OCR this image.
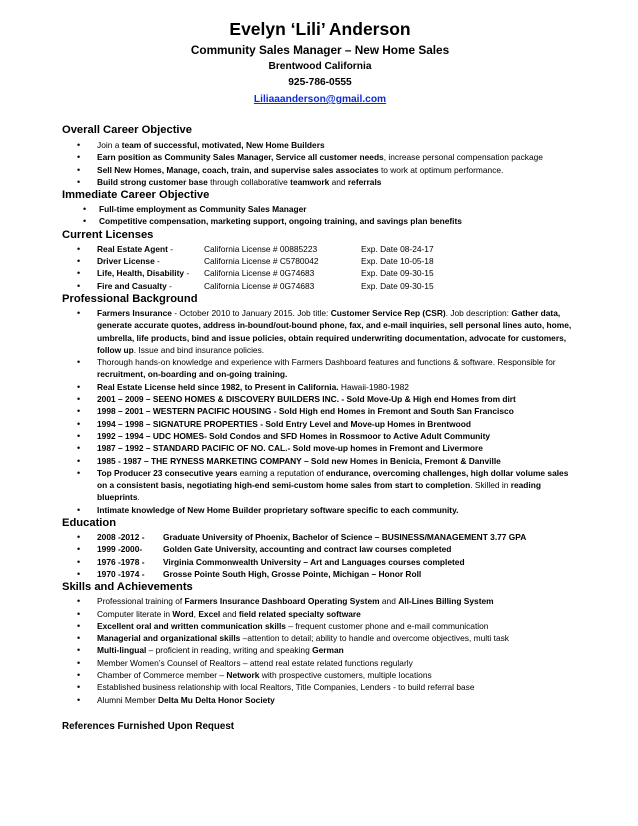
Evelyn ‘Lili’ Anderson
Community Sales Manager – New Home Sales
Brentwood California
925-786-0555
Liliaaanderson@gmail.com
Overall Career Objective
• Join a team of successful, motivated, New Home Builders
• Earn position as Community Sales Manager, Service all customer needs, increase personal compensation package
• Sell New Homes, Manage, coach, train, and supervise sales associates to work at optimum performance.
• Build strong customer base through collaborative teamwork and referrals
Immediate Career Objective
• Full-time employment as Community Sales Manager
• Competitive compensation, marketing support, ongoing training, and savings plan benefits
Current Licenses
• Real Estate Agent -	California License # 00885223	Exp. Date 08-24-17
• Driver License -	California License # C5780042	Exp. Date 10-05-18
• Life, Health, Disability -	California License # 0G74683	Exp. Date 09-30-15
• Fire and Casualty -	California License # 0G74683	Exp. Date 09-30-15
Professional Background
• Farmers Insurance - October 2010 to January 2015. Job title: Customer Service Rep (CSR). Job description: Gather data, generate accurate quotes, address in-bound/out-bound phone, fax, and e-mail inquiries, sell personal lines auto, home, umbrella, life products, bind and issue policies, obtain required underwriting documentation, advocate for customers, follow up. Issue and bind insurance policies.
• Thorough hands-on knowledge and experience with Farmers Dashboard features and functions & software. Responsible for recruitment, on-boarding and on-going training.
• Real Estate License held since 1982, to Present in California. Hawaii-1980-1982
• 2001 – 2009 – SEENO HOMES & DISCOVERY BUILDERS INC. - Sold Move-Up & High end Homes from dirt
• 1998 – 2001 – WESTERN PACIFIC HOUSING - Sold High end Homes in Fremont and South San Francisco
• 1994 – 1998 – SIGNATURE PROPERTIES - Sold Entry Level and Move-up Homes in Brentwood
• 1992 – 1994 – UDC HOMES- Sold Condos and SFD Homes in Rossmoor to Active Adult Community
• 1987 – 1992 – STANDARD PACIFIC OF NO. CAL.- Sold move-up homes in Fremont and Livermore
• 1985 - 1987 – THE RYNESS MARKETING COMPANY – Sold new Homes in Benicia, Fremont & Danville
• Top Producer 23 consecutive years earning a reputation of endurance, overcoming challenges, high dollar volume sales on a consistent basis, negotiating high-end semi-custom home sales from start to completion. Skilled in reading blueprints.
• Intimate knowledge of New Home Builder proprietary software specific to each community.
Education
• 2008 -2012 - Graduate University of Phoenix, Bachelor of Science – BUSINESS/MANAGEMENT 3.77 GPA
• 1999 -2000- Golden Gate University, accounting and contract law courses completed
• 1976 -1978 - Virginia Commonwealth University – Art and Languages courses completed
• 1970 -1974 - Grosse Pointe South High, Grosse Pointe, Michigan – Honor Roll
Skills and Achievements
• Professional training of Farmers Insurance Dashboard Operating System and All-Lines Billing System
• Computer literate in Word, Excel and field related specialty software
• Excellent oral and written communication skills – frequent customer phone and e-mail communication
• Managerial and organizational skills –attention to detail; ability to handle and overcome objectives, multi task
• Multi-lingual – proficient in reading, writing and speaking German
• Member Women’s Counsel of Realtors – attend real estate related functions regularly
• Chamber of Commerce member – Network with prospective customers, multiple locations
• Established business relationship with local Realtors, Title Companies, Lenders - to build referral base
• Alumni Member Delta Mu Delta Honor Society
References Furnished Upon Request
